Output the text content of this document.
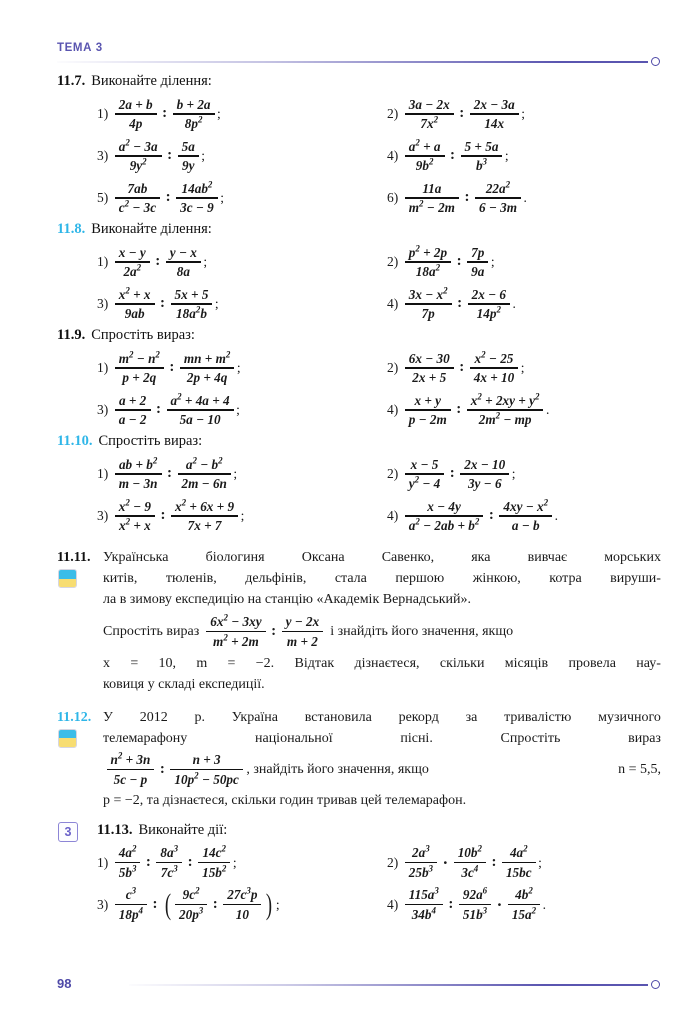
ТЕМА 3
11.7. Виконайте ділення:
$1) \frac{2a + b}{4p}$ : $\frac{b + 2a}{8p^2}$ ;	$2) \frac{3a - 2x}{7x^2}$ : $\frac{2x - 3a}{14x}$ ;
$3) \frac{a^2 - 3a}{9y^2}$ : $\frac{5a}{9y}$ ;	$4) \frac{a^2 + a}{9b^2}$ : $\frac{5 + 5a}{b^3}$ ;
$5) \frac{7ab}{c^2 - 3c}$ : $\frac{14ab^2}{3c - 9}$ ;	$6) \frac{11a}{m^2 - 2m}$ : $\frac{22a^2}{6 - 3m}$ .
11.8. Виконайте ділення:
$1) \frac{x - y}{2a^2}$ : $\frac{y - x}{8a}$ ;	$2) \frac{p^2 + 2p}{18a^2}$ : $\frac{7p}{9a}$ ;
$3) \frac{x^2 + x}{9ab}$ : $\frac{5x + 5}{18a^2b}$ ;	$4) \frac{3x - x^2}{7p}$ : $\frac{2x - 6}{14p^2}$ .
11.9. Спростіть вираз:
$1) \frac{m^2 - n^2}{p + 2q}$ : $\frac{mn + m^2}{2p + 4q}$ ;	$2) \frac{6x - 30}{2x + 5}$ : $\frac{x^2 - 25}{4x + 10}$ ;
$3) \frac{a + 2}{a - 2}$ : $\frac{a^2 + 4a + 4}{5a - 10}$ ;	$4) \frac{x + y}{p - 2m}$ : $\frac{x^2 + 2xy + y^2}{2m^2 - mp}$ .
11.10. Спростіть вираз:
$1) \frac{ab + b^2}{m - 3n}$ : $\frac{a^2 - b^2}{2m - 6n}$ ;	$2) \frac{x - 5}{y^2 - 4}$ : $\frac{2x - 10}{3y - 6}$ ;
$3) \frac{x^2 - 9}{x^2 + x}$ : $\frac{x^2 + 6x + 9}{7x + 7}$ ;	$4) \frac{x - 4y}{a^2 - 2ab + b^2}$ : $\frac{4xy - x^2}{a - b}$ .
11.11. Українська	біологиня	Оксана	Савенко,	яка	вивчає	морських
китів, тюленів, дельфінів, стала першою жінкою, котра вируши-
ла в зимову експедицію на станцію «Академік Вернадський».
Спростіть вираз $\frac{6x^2 - 3xy}{m^2 + 2m}$ : $\frac{y - 2x}{m + 2}$ і знайдіть його значення, якщо
x = 10, m = −2. Відтак дізнаєтеся, скільки місяців провела нау-
ковиця у складі експедиції.
11.12. У 2012 р. Україна встановила рекорд за тривалістю музичного
телемарафону	національної	пісні.	Спростіть	вираз
$\frac{n^2 + 3n}{5c - p}$ : $\frac{n + 3}{10p^2 - 50pc}$ , знайдіть його значення, якщо	n = 5,5,
p = −2, та дізнаєтеся, скільки годин тривав цей телемарафон.
3	11.13. Виконайте дії:
$1) \frac{4a^2}{5b^3}$ : $\frac{8a^3}{7c^3}$ : $\frac{14c^2}{15b^2}$ ;	$2) \frac{2a^3}{25b^3} \cdot \frac{10b^2}{3c^4}$ : $\frac{4a^2}{15bc}$ ;
$3) \frac{c^3}{18p^4}$ : ( $\frac{9c^2}{20p^3}$ : $\frac{27c^3p}{10}$ ) ;	$4) \frac{115a^3}{34b^4}$ : $\frac{92a^6}{51b^3} \cdot \frac{4b^2}{15a^2}$ .
98
